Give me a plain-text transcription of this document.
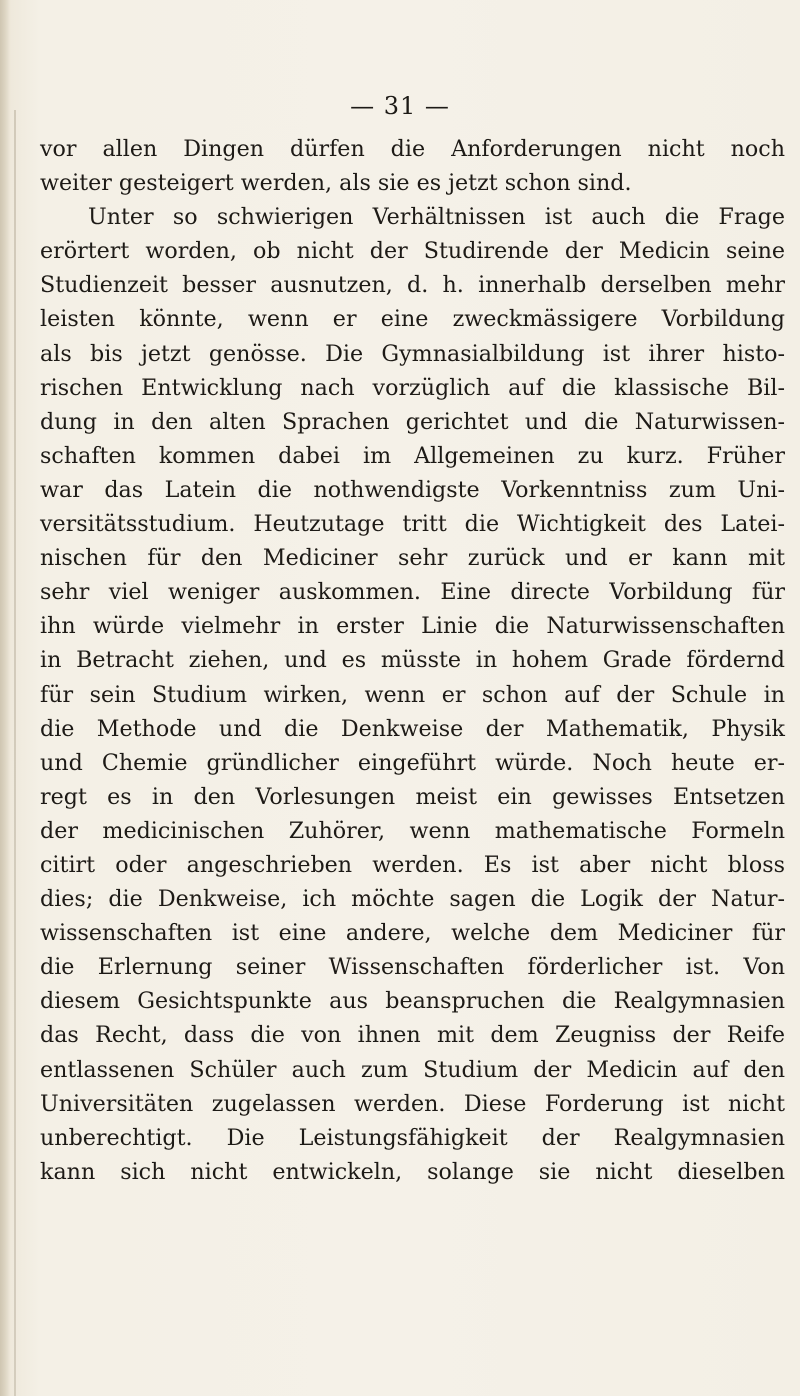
— 31 —
vor allen Dingen dürfen die Anforderungen nicht noch
weiter gesteigert werden, als sie es jetzt schon sind.
Unter so schwierigen Verhältnissen ist auch die Frage
erörtert worden, ob nicht der Studirende der Medicin seine
Studienzeit besser ausnutzen, d. h. innerhalb derselben mehr
leisten könnte, wenn er eine zweckmässigere Vorbildung
als bis jetzt genösse. Die Gymnasialbildung ist ihrer histo-
rischen Entwicklung nach vorzüglich auf die klassische Bil-
dung in den alten Sprachen gerichtet und die Naturwissen-
schaften kommen dabei im Allgemeinen zu kurz. Früher
war das Latein die nothwendigste Vorkenntniss zum Uni-
versitätsstudium. Heutzutage tritt die Wichtigkeit des Latei-
nischen für den Mediciner sehr zurück und er kann mit
sehr viel weniger auskommen. Eine directe Vorbildung für
ihn würde vielmehr in erster Linie die Naturwissenschaften
in Betracht ziehen, und es müsste in hohem Grade fördernd
für sein Studium wirken, wenn er schon auf der Schule in
die Methode und die Denkweise der Mathematik, Physik
und Chemie gründlicher eingeführt würde. Noch heute er-
regt es in den Vorlesungen meist ein gewisses Entsetzen
der medicinischen Zuhörer, wenn mathematische Formeln
citirt oder angeschrieben werden. Es ist aber nicht bloss
dies; die Denkweise, ich möchte sagen die Logik der Natur-
wissenschaften ist eine andere, welche dem Mediciner für
die Erlernung seiner Wissenschaften förderlicher ist. Von
diesem Gesichtspunkte aus beanspruchen die Realgymnasien
das Recht, dass die von ihnen mit dem Zeugniss der Reife
entlassenen Schüler auch zum Studium der Medicin auf den
Universitäten zugelassen werden. Diese Forderung ist nicht
unberechtigt. Die Leistungsfähigkeit der Realgymnasien
kann sich nicht entwickeln, solange sie nicht dieselben
